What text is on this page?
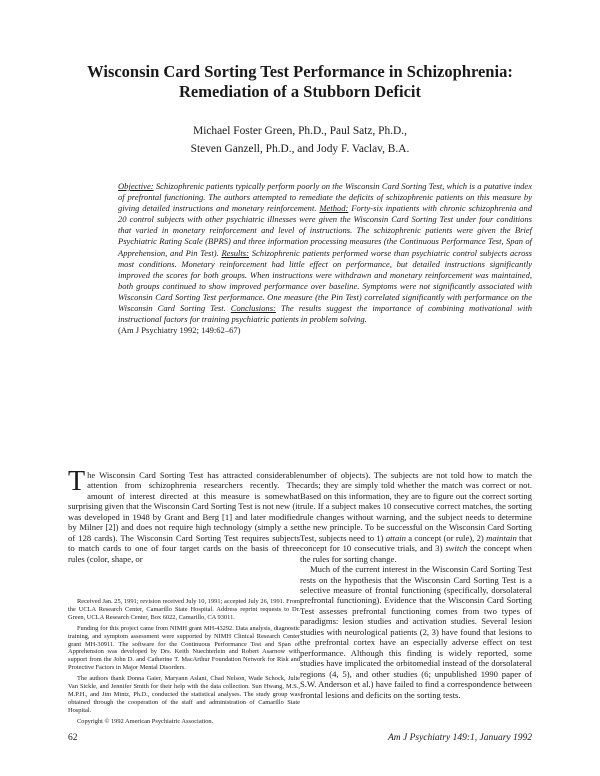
Wisconsin Card Sorting Test Performance in Schizophrenia:
Remediation of a Stubborn Deficit
Michael Foster Green, Ph.D., Paul Satz, Ph.D.,
Steven Ganzell, Ph.D., and Jody F. Vaclav, B.A.
Objective: Schizophrenic patients typically perform poorly on the Wisconsin Card Sorting Test, which is a putative index of prefrontal functioning. The authors attempted to remediate the deficits of schizophrenic patients on this measure by giving detailed instructions and monetary reinforcement. Method: Forty-six inpatients with chronic schizophrenia and 20 control subjects with other psychiatric illnesses were given the Wisconsin Card Sorting Test under four conditions that varied in monetary reinforcement and level of instructions. The schizophrenic patients were given the Brief Psychiatric Rating Scale (BPRS) and three information processing measures (the Continuous Performance Test, Span of Apprehension, and Pin Test). Results: Schizophrenic patients performed worse than psychiatric control subjects across most conditions. Monetary reinforcement had little effect on performance, but detailed instructions significantly improved the scores for both groups. When instructions were withdrawn and monetary reinforcement was maintained, both groups continued to show improved performance over baseline. Symptoms were not significantly associated with Wisconsin Card Sorting Test performance. One measure (the Pin Test) correlated significantly with performance on the Wisconsin Card Sorting Test. Conclusions: The results suggest the importance of combining motivational with instructional factors for training psychiatric patients in problem solving.
(Am J Psychiatry 1992; 149:62–67)

The Wisconsin Card Sorting Test has attracted considerable attention from schizophrenia researchers recently. The amount of interest directed at this measure is somewhat surprising given that the Wisconsin Card Sorting Test is not new (it was developed in 1948 by Grant and Berg [1] and later modified by Milner [2]) and does not require high technology (simply a set of 128 cards). The Wisconsin Card Sorting Test requires subjects to match cards to one of four target cards on the basis of three rules (color, shape, or

Received Jan. 25, 1991; revision received July 10, 1991; accepted July 26, 1991. From the UCLA Research Center, Camarillo State Hospital. Address reprint requests to Dr. Green, UCLA Research Center, Box 6022, Camarillo, CA 93011.

Funding for this project came from NIMH grant MH-43292. Data analysis, diagnostic training, and symptom assessment were supported by NIMH Clinical Research Center grant MH-30911. The software for the Continuous Performance Test and Span of Apprehension was developed by Drs. Keith Nuechterlein and Robert Asarnow with support from the John D. and Catherine T. MacArthur Foundation Network for Risk and Protective Factors in Major Mental Disorders.

The authors thank Donna Gaier, Maryann Aslani, Chad Nelson, Wade Schock, Julie Van Sickle, and Jennifer Smith for their help with the data collection. Sun Hwang, M.S., M.P.H., and Jim Mintz, Ph.D., conducted the statistical analyses. The study group was obtained through the cooperation of the staff and administration of Camarillo State Hospital.

Copyright © 1992 American Psychiatric Association.

number of objects). The subjects are not told how to match the cards; they are simply told whether the match was correct or not. Based on this information, they are to figure out the correct sorting rule. If a subject makes 10 consecutive correct matches, the sorting rule changes without warning, and the subject needs to determine the new principle. To be successful on the Wisconsin Card Sorting Test, subjects need to 1) attain a concept (or rule), 2) maintain that concept for 10 consecutive trials, and 3) switch the concept when the rules for sorting change.

Much of the current interest in the Wisconsin Card Sorting Test rests on the hypothesis that the Wisconsin Card Sorting Test is a selective measure of frontal functioning (specifically, dorsolateral prefrontal functioning). Evidence that the Wisconsin Card Sorting Test assesses prefrontal functioning comes from two types of paradigms: lesion studies and activation studies. Several lesion studies with neurological patients (2, 3) have found that lesions to the prefrontal cortex have an especially adverse effect on test performance. Although this finding is widely reported, some studies have implicated the orbitomedial instead of the dorsolateral regions (4, 5), and other studies (6; unpublished 1990 paper of S.W. Anderson et al.) have failed to find a correspondence between frontal lesions and deficits on the sorting tests.

62	Am J Psychiatry 149:1, January 1992
